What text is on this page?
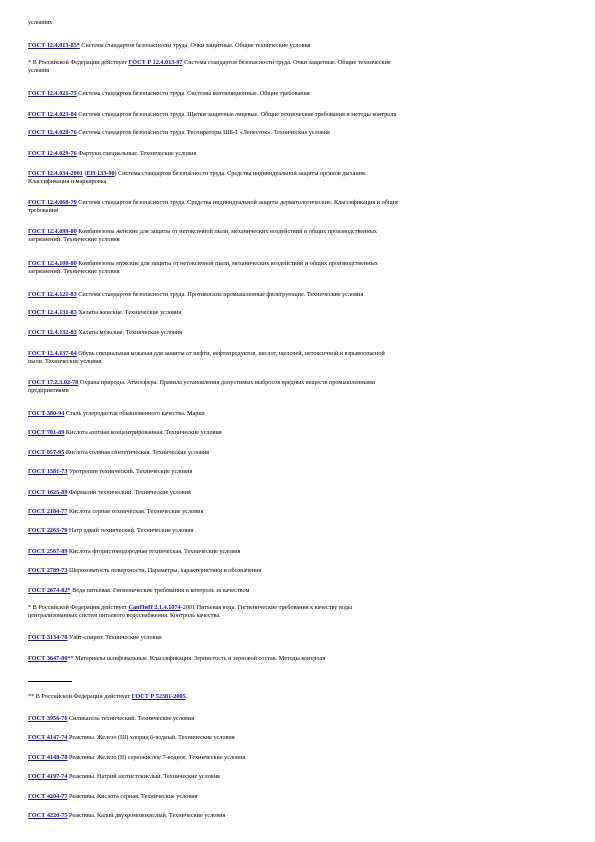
условиях
ГОСТ 12.4.013-85* Система стандартов безопасности труда. Очки защитные. Общие технические условия
* В Российской Федерации действует ГОСТ Р 12.4.013-97 Система стандартов безопасности труда. Очки защитные. Общие технические
условия
ГОСТ 12.4.021-75 Система стандартов безопасности труда. Системы вентиляционные. Общие требования
ГОСТ 12.4.023-84 Система стандартов безопасности труда. Щитки защитные лицевые. Общие технические требования и методы контроля
ГОСТ 12.4.028-76 Система стандартов безопасности труда. Респираторы ШБ-1 «Лепесток». Технические условия
ГОСТ 12.4.029-76 Фартуки специальные. Технические условия
ГОСТ 12.4.034-2001 (EH 133-90) Система стандартов безопасности труда. Средства индивидуальной защиты органов дыхания.
Классификация и маркировка
ГОСТ 12.4.068-79 Система стандартов безопасности труда. Средства индивидуальной защиты дерматологические. Классификация и общие
требования
ГОСТ 12.4.099-80 Комбинезоны женские для защиты от нетоксичной пыли, механических воздействий и общих производственных
загрязнений. Технические условия
ГОСТ 12.4.100-80 Комбинезоны мужские для защиты от нетоксичной пыли, механических воздействий и общих производственных
загрязнений. Технические условия
ГОСТ 12.4.121-83 Система стандартов безопасности труда. Противогазы промышленные фильтрующие. Технические условия
ГОСТ 12.4.131-83 Халаты женские. Технические условия
ГОСТ 12.4.132-83 Халаты мужские. Технические условия
ГОСТ 12.4.137-84 Обувь специальная кожаная для защиты от нефти, нефтепродуктов, кислот, щелочей, нетоксичной и взрывоопасной
пыли. Технические условия
ГОСТ 17.2.3.02-78 Охрана природы. Атмосфера. Правила установления допустимых выбросов вредных веществ промышленными
предприятиями
ГОСТ 380-94 Сталь углеродистая обыкновенного качества. Марки
ГОСТ 701-89 Кислота азотная концентрированная. Технические условия
ГОСТ 857-95 Кислота соляная синтетическая. Технические условия
ГОСТ 1381-73 Уротропин технический. Технические условия
ГОСТ 1625-89 Формалин технический. Технические условия
ГОСТ 2184-77 Кислота серная техническая. Технические условия
ГОСТ 2263-79 Натр едкий технический. Технические условия
ГОСТ 2567-89 Кислота фтористоводородная техническая. Технические условия
ГОСТ 2789-73 Шероховатость поверхности. Параметры, характеристики и обозначения
ГОСТ 2874-82* Вода питьевая. Гигиенические требования и контроль за качеством
* В Российской Федерации действует СанПиН 2.1.4.1074-2001 Питьевая вода. Гигиенические требования к качеству воды
централизованных систем питьевого водоснабжения. Контроль качества.
ГОСТ 3134-78 Уайт-спирит. Технические условия
ГОСТ 3647-80** Материалы шлифовальные. Классификация. Зернистость и зерновой состав. Методы контроля
** В Российской Федерации действует ГОСТ Р 52381-2005.
ГОСТ 3956-76 Силикагель технический. Технические условия
ГОСТ 4147-74 Реактивы. Железо (III) хлорид 6-водный. Технические условия
ГОСТ 4148-78 Реактивы. Железо (II) сернокислое 7-водное. Технические условия
ГОСТ 4197-74 Реактивы. Натрий азотистокислый. Технические условия
ГОСТ 4204-77 Реактивы. Кислота серная. Технические условия
ГОСТ 4220-75 Реактивы. Калий двухромовокислый. Технические условия
